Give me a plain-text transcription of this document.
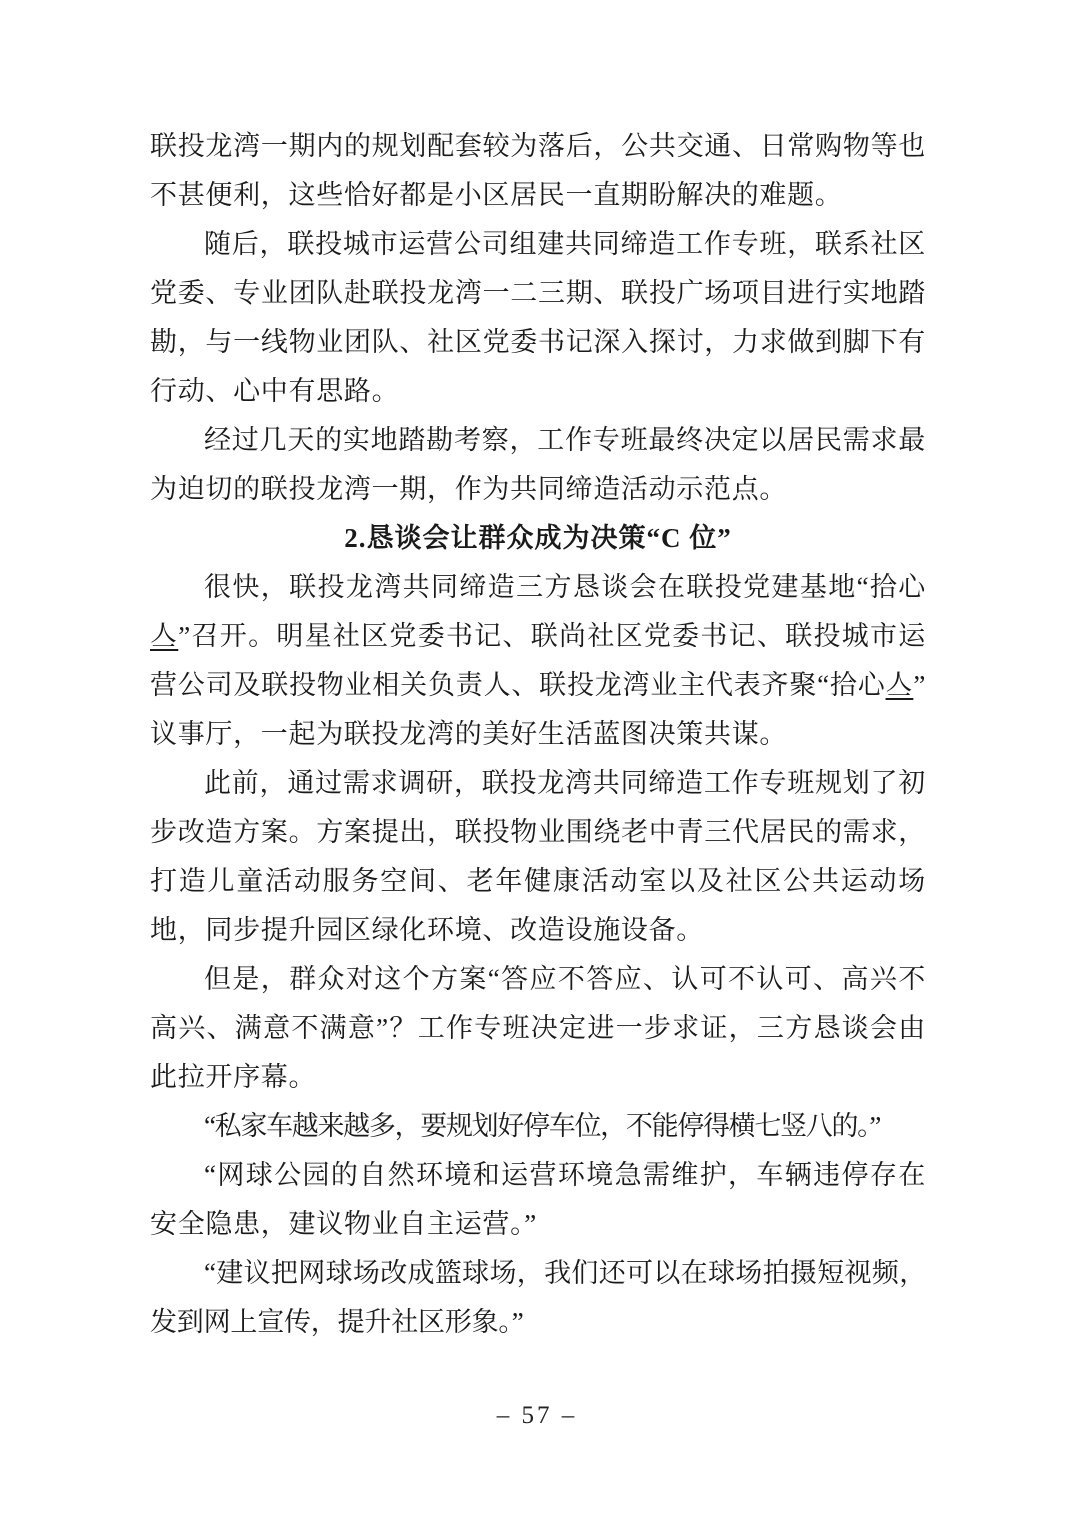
联投龙湾一期内的规划配套较为落后，公共交通、日常购物等也不甚便利，这些恰好都是小区居民一直期盼解决的难题。

随后，联投城市运营公司组建共同缔造工作专班，联系社区党委、专业团队赴联投龙湾一二三期、联投广场项目进行实地踏勘，与一线物业团队、社区党委书记深入探讨，力求做到脚下有行动、心中有思路。

经过几天的实地踏勘考察，工作专班最终决定以居民需求最为迫切的联投龙湾一期，作为共同缔造活动示范点。

2.恳谈会让群众成为决策“C 位”

很快，联投龙湾共同缔造三方恳谈会在联投党建基地“拾心亼”召开。明星社区党委书记、联尚社区党委书记、联投城市运营公司及联投物业相关负责人、联投龙湾业主代表齐聚“拾心亼”议事厅，一起为联投龙湾的美好生活蓝图决策共谋。

此前，通过需求调研，联投龙湾共同缔造工作专班规划了初步改造方案。方案提出，联投物业围绕老中青三代居民的需求，打造儿童活动服务空间、老年健康活动室以及社区公共运动场地，同步提升园区绿化环境、改造设施设备。

但是，群众对这个方案“答应不答应、认可不认可、高兴不高兴、满意不满意”？工作专班决定进一步求证，三方恳谈会由此拉开序幕。

“私家车越来越多，要规划好停车位，不能停得横七竖八的。”

“网球公园的自然环境和运营环境急需维护，车辆违停存在安全隐患，建议物业自主运营。”

“建议把网球场改成篮球场，我们还可以在球场拍摄短视频，发到网上宣传，提升社区形象。”

– 57 –
